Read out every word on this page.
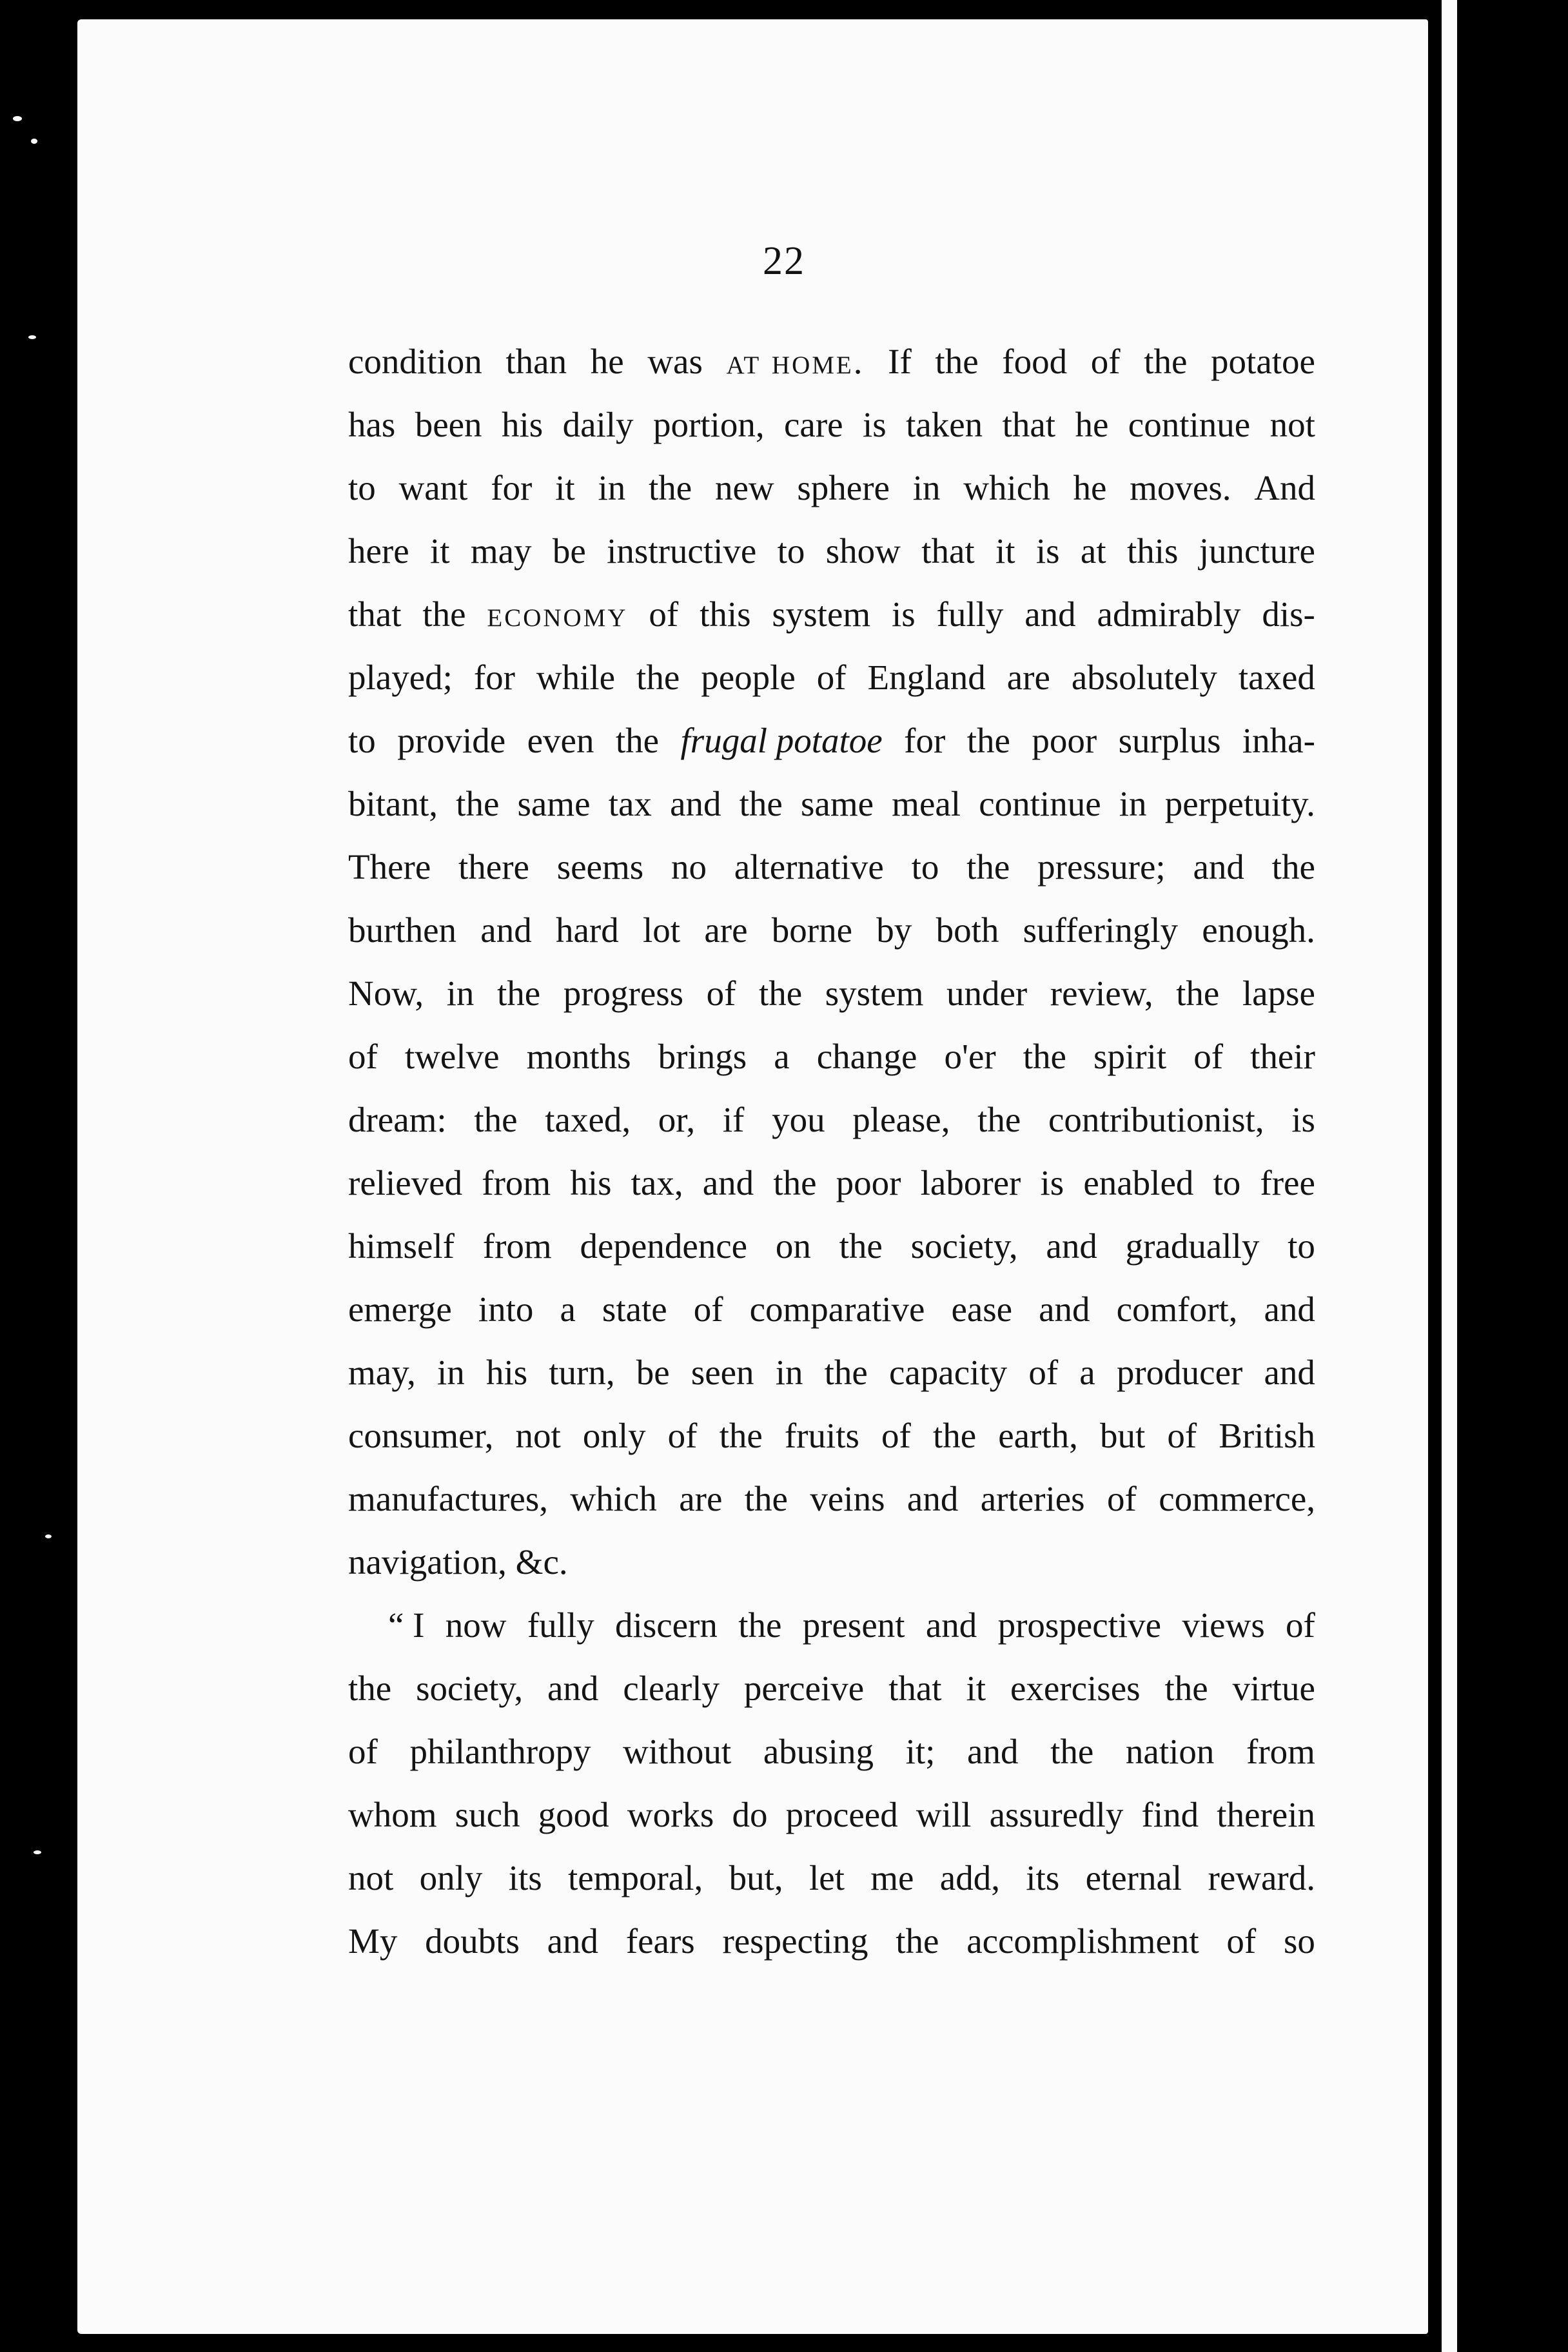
22
condition than he was at home. If the food of the potatoe
has been his daily portion, care is taken that he continue not
to want for it in the new sphere in which he moves. And
here it may be instructive to show that it is at this juncture
that the economy of this system is fully and admirably dis-
played; for while the people of England are absolutely taxed
to provide even the frugal potatoe for the poor surplus inha-
bitant, the same tax and the same meal continue in perpetuity.
There there seems no alternative to the pressure; and the
burthen and hard lot are borne by both sufferingly enough.
Now, in the progress of the system under review, the lapse
of twelve months brings a change o'er the spirit of their
dream: the taxed, or, if you please, the contributionist, is
relieved from his tax, and the poor laborer is enabled to free
himself from dependence on the society, and gradually to
emerge into a state of comparative ease and comfort, and
may, in his turn, be seen in the capacity of a producer and
consumer, not only of the fruits of the earth, but of British
manufactures, which are the veins and arteries of commerce,
navigation, &c.
“ I now fully discern the present and prospective views of
the society, and clearly perceive that it exercises the virtue
of philanthropy without abusing it; and the nation from
whom such good works do proceed will assuredly find therein
not only its temporal, but, let me add, its eternal reward.
My doubts and fears respecting the accomplishment of so
